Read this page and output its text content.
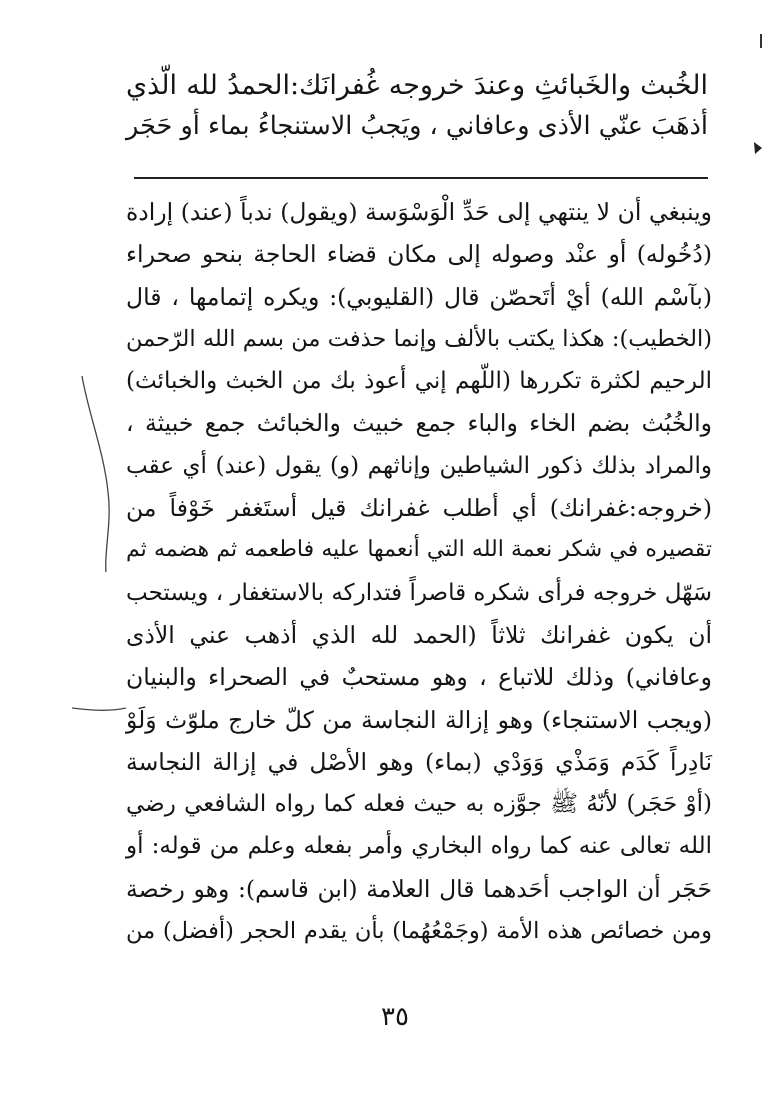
الخُبث والخَبائثِ وعندَ خروجه غُفرانَك:الحمدُ لله الّذي
أذهَبَ عنّي الأذى وعافاني ، ويَجبُ الاستنجاءُ بماء أو حَجَر
وينبغي أن لا ينتهي إلى حَدِّ الْوَسْوَسة (ويقول) ندباً (عند) إرادة
(دُخُوله) أو عنْد وصوله إلى مكان قضاء الحاجة بنحو صحراء
(بآسْم الله) أيْ أتَحصّن قال (القليوبي): ويكره إتمامها ، قال
(الخطيب): هكذا يكتب بالألف وإنما حذفت من بسم الله الرّحمن
الرحيم لكثرة تكررها (اللّهم إني أعوذ بك من الخبث والخبائث)
والخُبُث بضم الخاء والباء جمع خبيث والخبائث جمع خبيثة ،
والمراد بذلك ذكور الشياطين وإناثهم (و) يقول (عند) أي عقب
(خروجه:غفرانك) أي أطلب غفرانك قيل أستَغفر خَوْفاً من
تقصيره في شكر نعمة الله التي أنعمها عليه فاطعمه ثم هضمه ثم
سَهّل خروجه فرأى شكره قاصراً فتداركه بالاستغفار ، ويستحب
أن يكون غفرانك ثلاثاً (الحمد لله الذي أذهب عني الأذى
وعافاني) وذلك للاتباع ، وهو مستحبٌ في الصحراء والبنيان
(ويجب الاستنجاء) وهو إزالة النجاسة من كلّ خارج ملوّث وَلَوْ
نَادِراً كَدَم وَمَذْي وَوَدْي (بماء) وهو الأصْل في إزالة النجاسة
(أوْ حَجَر) لأنّهُ ﷺ جوَّزه به حيث فعله كما رواه الشافعي رضي
الله تعالى عنه كما رواه البخاري وأمر بفعله وعلم من قوله: أو
حَجَر أن الواجب أحَدهما قال العلامة (ابن قاسم): وهو رخصة
ومن خصائص هذه الأمة (وجَمْعُهُما) بأن يقدم الحجر (أفضل) من
٣٥
